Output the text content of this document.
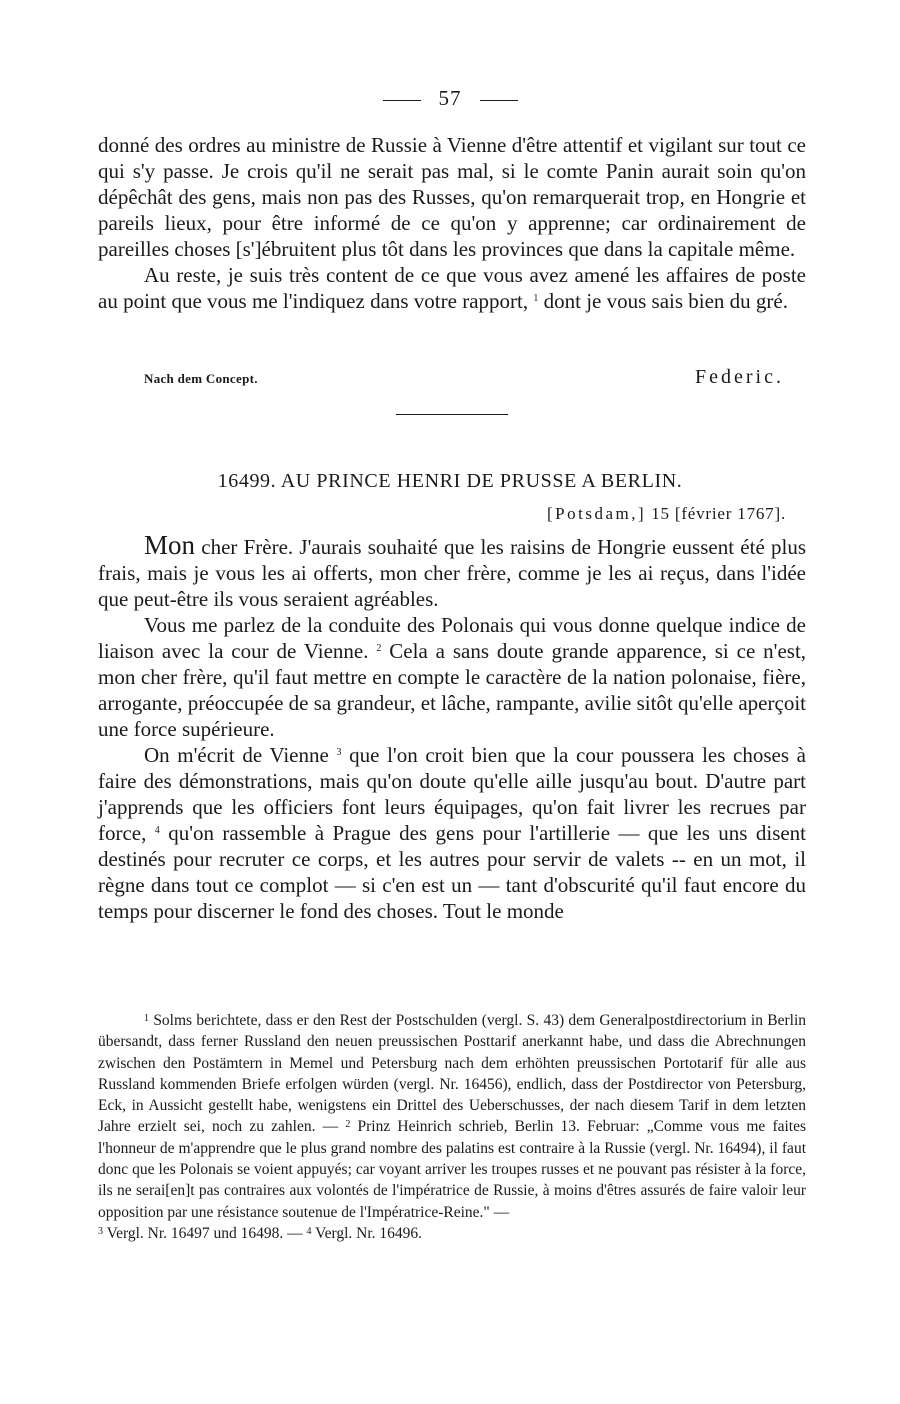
57

donné des ordres au ministre de Russie à Vienne d'être attentif et vigilant sur tout ce qui s'y passe. Je crois qu'il ne serait pas mal, si le comte Panin aurait soin qu'on dépêchât des gens, mais non pas des Russes, qu'on remarquerait trop, en Hongrie et pareils lieux, pour être informé de ce qu'on y apprenne; car ordinairement de pareilles choses [s']ébruitent plus tôt dans les provinces que dans la capitale même.

Au reste, je suis très content de ce que vous avez amené les affaires de poste au point que vous me l'indiquez dans votre rapport, $^1$ dont je vous sais bien du gré.

Nach dem Concept.	Federic.
16499. AU PRINCE HENRI DE PRUSSE A BERLIN.
[Potsdam,] 15 [février 1767].

Mon cher Frère. J'aurais souhaité que les raisins de Hongrie eussent été plus frais, mais je vous les ai offerts, mon cher frère, comme je les ai reçus, dans l'idée que peut-être ils vous seraient agréables.

Vous me parlez de la conduite des Polonais qui vous donne quelque indice de liaison avec la cour de Vienne. $^2$ Cela a sans doute grande apparence, si ce n'est, mon cher frère, qu'il faut mettre en compte le caractère de la nation polonaise, fière, arrogante, préoccupée de sa grandeur, et lâche, rampante, avilie sitôt qu'elle aperçoit une force supérieure.

On m'écrit de Vienne $^3$ que l'on croit bien que la cour poussera les choses à faire des démonstrations, mais qu'on doute qu'elle aille jusqu'au bout. D'autre part j'apprends que les officiers font leurs équipages, qu'on fait livrer les recrues par force, $^4$ qu'on rassemble à Prague des gens pour l'artillerie — que les uns disent destinés pour recruter ce corps, et les autres pour servir de valets -- en un mot, il règne dans tout ce complot — si c'en est un — tant d'obscurité qu'il faut encore du temps pour discerner le fond des choses. Tout le monde

$^1$ Solms berichtete, dass er den Rest der Postschulden (vergl. S. 43) dem Generalpostdirectorium in Berlin übersandt, dass ferner Russland den neuen preussischen Posttarif anerkannt habe, und dass die Abrechnungen zwischen den Postämtern in Memel und Petersburg nach dem erhöhten preussischen Portotarif für alle aus Russland kommenden Briefe erfolgen würden (vergl. Nr. 16456), endlich, dass der Postdirector von Petersburg, Eck, in Aussicht gestellt habe, wenigstens ein Drittel des Ueberschusses, der nach diesem Tarif in dem letzten Jahre erzielt sei, noch zu zahlen. — $^2$ Prinz Heinrich schrieb, Berlin 13. Februar: „Comme vous me faites l'honneur de m'apprendre que le plus grand nombre des palatins est contraire à la Russie (vergl. Nr. 16494), il faut donc que les Polonais se voient appuyés; car voyant arriver les troupes russes et ne pouvant pas résister à la force, ils ne serai[en]t pas contraires aux volontés de l'impératrice de Russie, à moins d'êtres assurés de faire valoir leur opposition par une résistance soutenue de l'Impératrice-Reine." —

$^3$ Vergl. Nr. 16497 und 16498. — $^4$ Vergl. Nr. 16496.
